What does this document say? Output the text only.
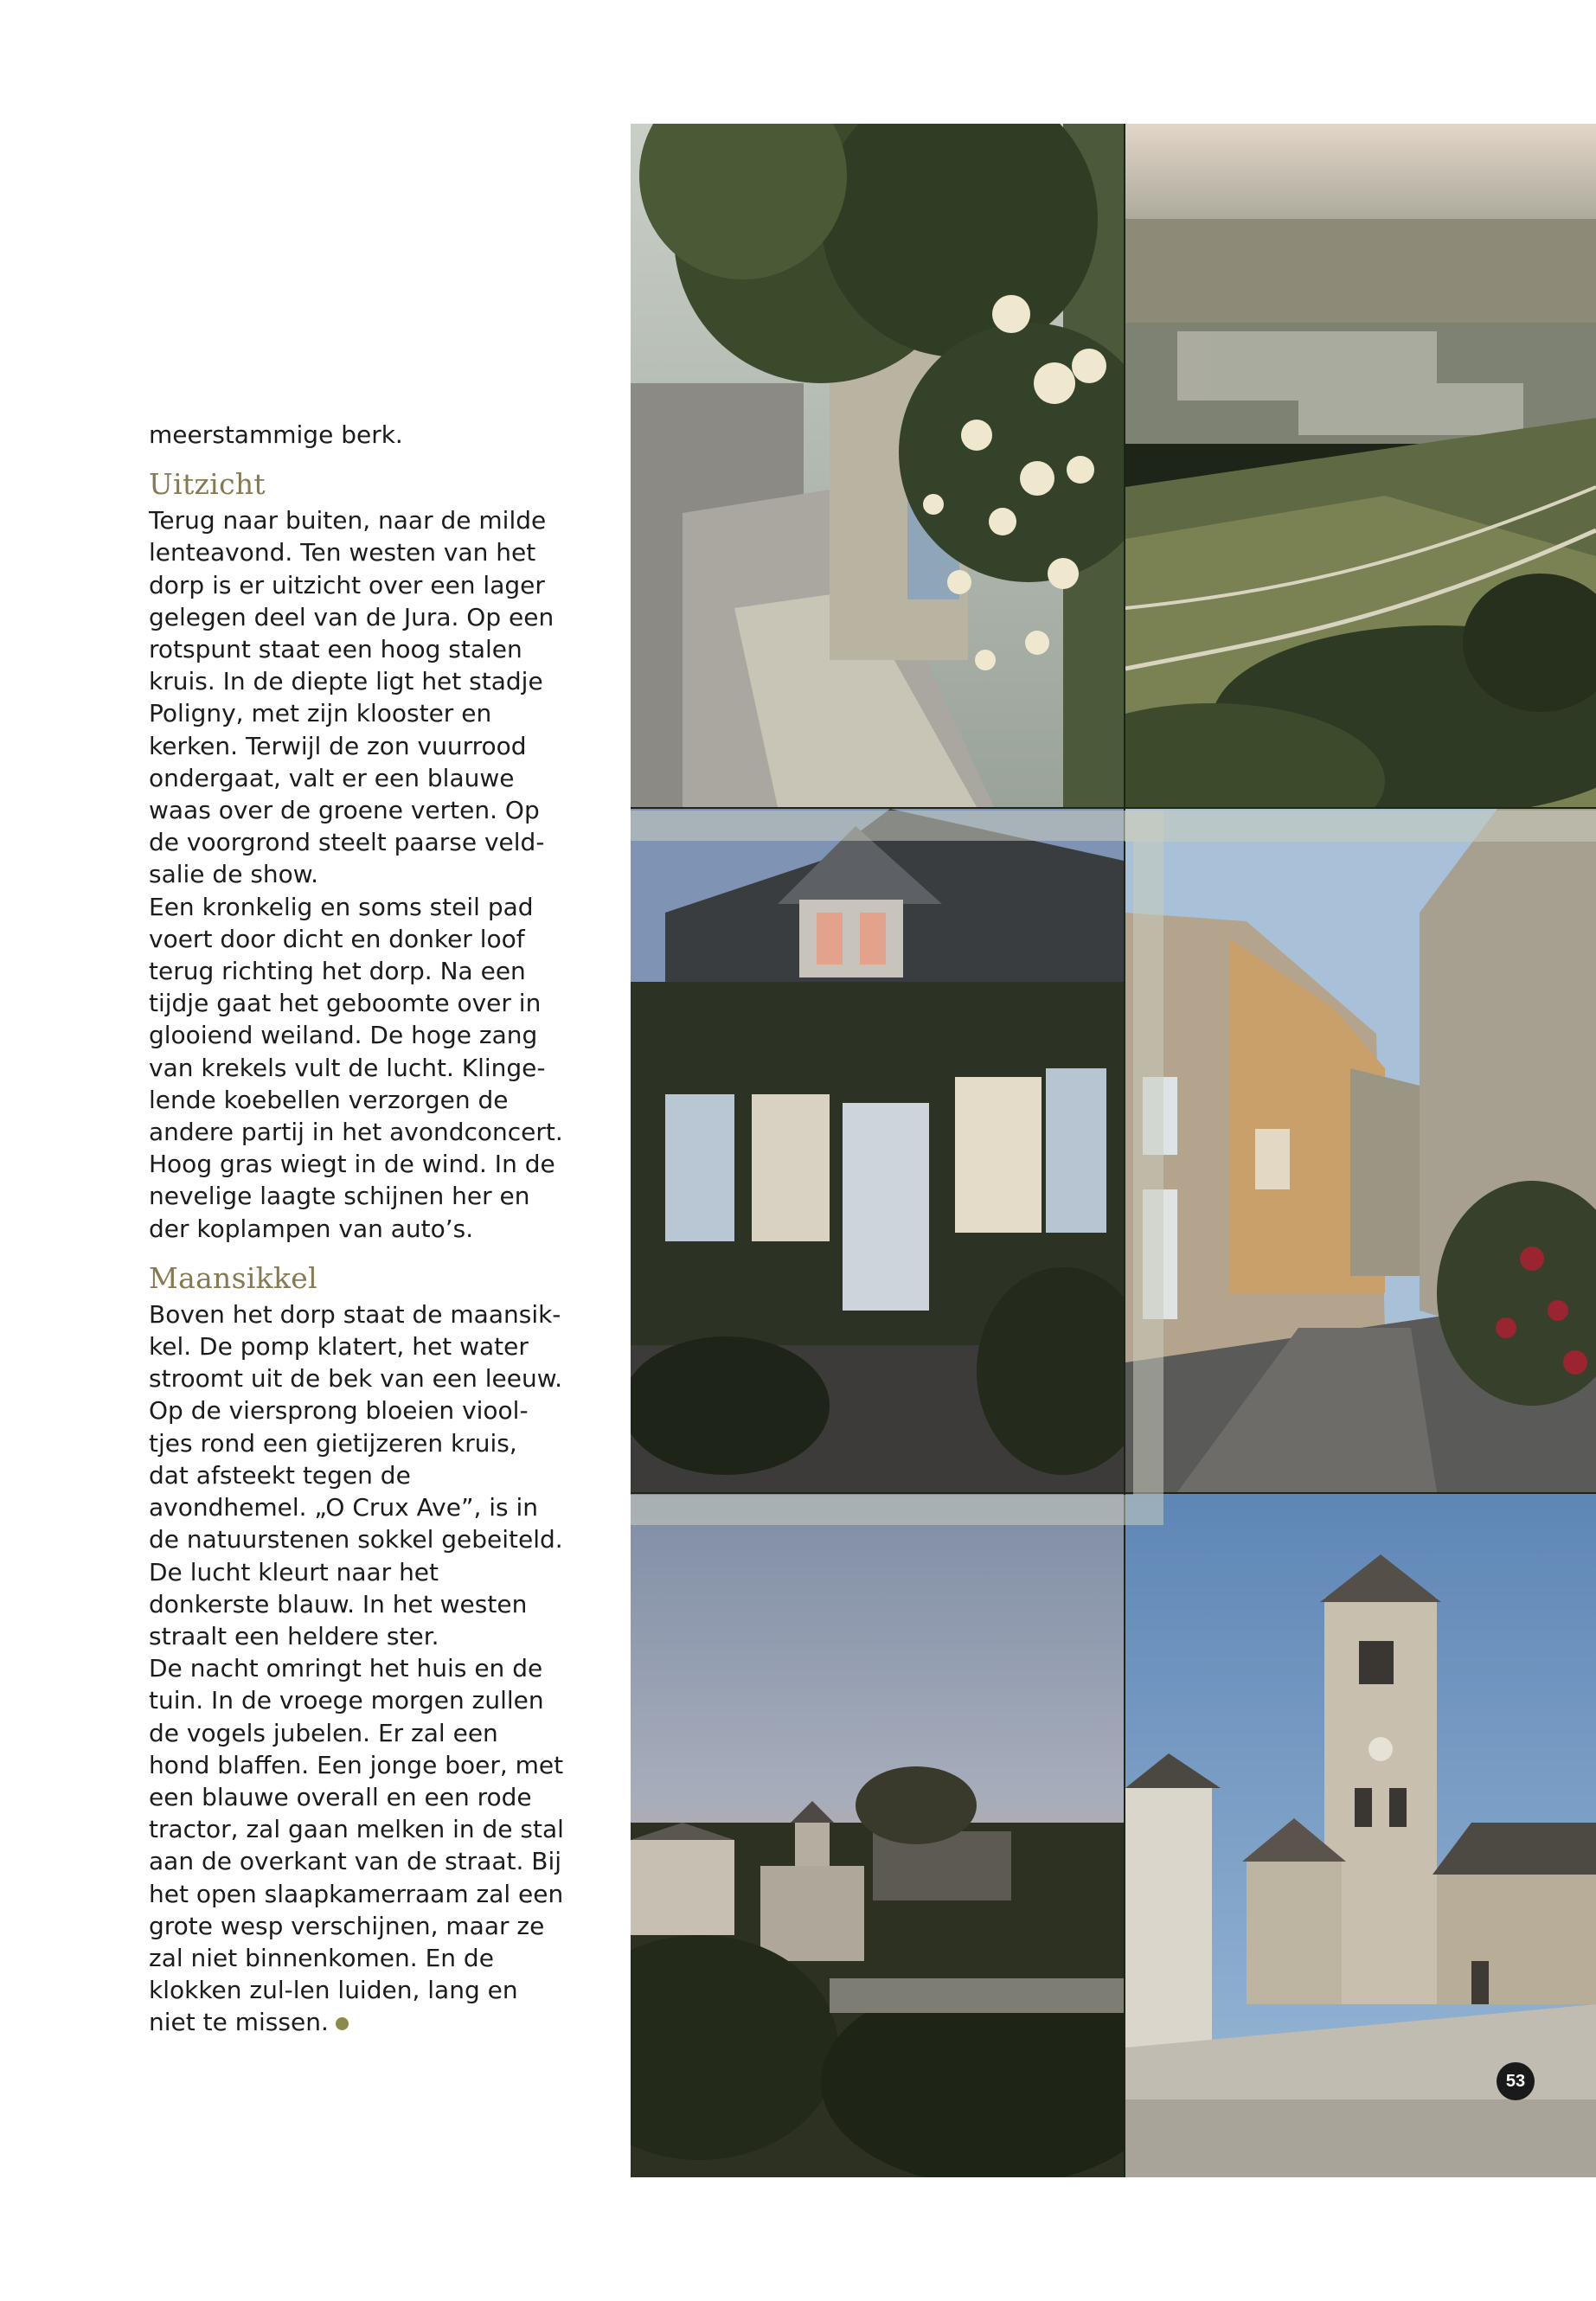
meerstammige berk.

Uitzicht

Terug naar buiten, naar de milde lenteavond. Ten westen van het dorp is er uitzicht over een lager gelegen deel van de Jura. Op een rotspunt staat een hoog stalen kruis. In de diepte ligt het stadje Poligny, met zijn klooster en kerken. Terwijl de zon vuurrood ondergaat, valt er een blauwe waas over de groene verten. Op de voorgrond steelt paarse veld-salie de show.

Een kronkelig en soms steil pad voert door dicht en donker loof terug richting het dorp. Na een tijdje gaat het geboomte over in glooiend weiland. De hoge zang van krekels vult de lucht. Klinge-lende koebellen verzorgen de andere partij in het avondconcert. Hoog gras wiegt in de wind. In de nevelige laagte schijnen her en der koplampen van auto’s.

Maansikkel

Boven het dorp staat de maansik-kel. De pomp klatert, het water stroomt uit de bek van een leeuw. Op de viersprong bloeien viool-tjes rond een gietijzeren kruis, dat afsteekt tegen de avondhemel. „O Crux Ave”, is in de natuurstenen sokkel gebeiteld. De lucht kleurt naar het donkerste blauw. In het westen straalt een heldere ster.

De nacht omringt het huis en de tuin. In de vroege morgen zullen de vogels jubelen. Er zal een hond blaffen. Een jonge boer, met een blauwe overall en een rode tractor, zal gaan melken in de stal aan de overkant van de straat. Bij het open slaapkamerraam zal een grote wesp verschijnen, maar ze zal niet binnenkomen. En de klokken zul-len luiden, lang en niet te missen.

53
